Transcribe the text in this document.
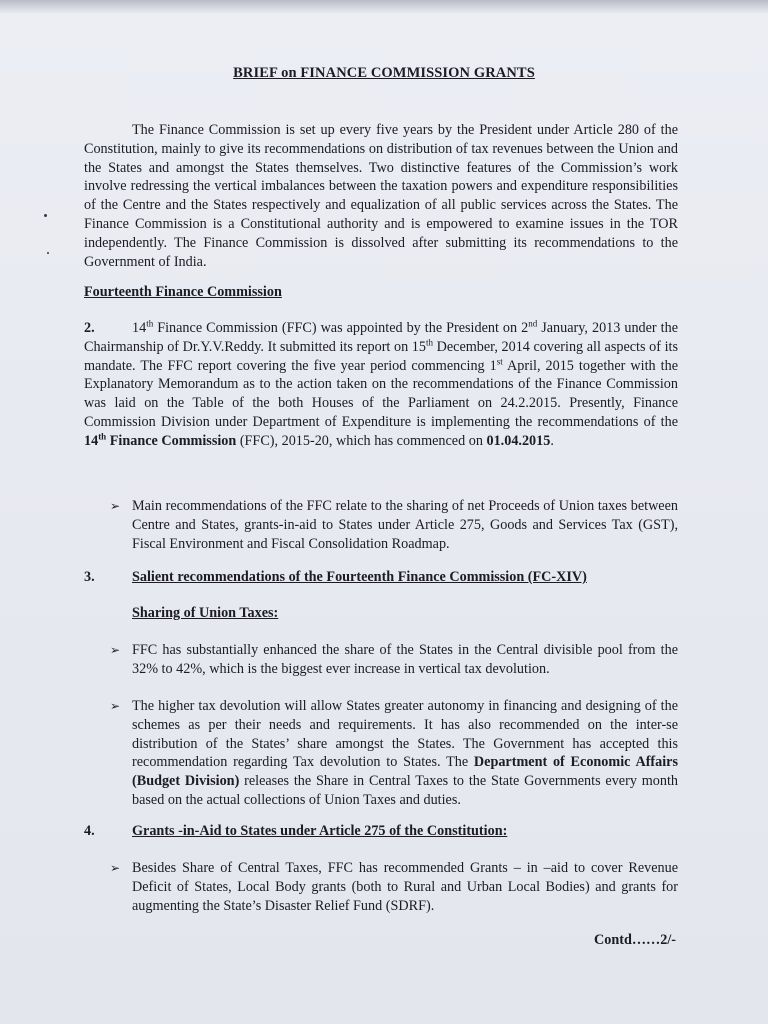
BRIEF on FINANCE COMMISSION GRANTS

The Finance Commission is set up every five years by the President under Article 280 of the Constitution, mainly to give its recommendations on distribution of tax revenues between the Union and the States and amongst the States themselves. Two distinctive features of the Commission’s work involve redressing the vertical imbalances between the taxation powers and expenditure responsibilities of the Centre and the States respectively and equalization of all public services across the States. The Finance Commission is a Constitutional authority and is empowered to examine issues in the TOR independently. The Finance Commission is dissolved after submitting its recommendations to the Government of India.

Fourteenth Finance Commission

2.	14th Finance Commission (FFC) was appointed by the President on 2nd January, 2013 under the Chairmanship of Dr.Y.V.Reddy. It submitted its report on 15th December, 2014 covering all aspects of its mandate. The FFC report covering the five year period commencing 1st April, 2015 together with the Explanatory Memorandum as to the action taken on the recommendations of the Finance Commission was laid on the Table of the both Houses of the Parliament on 24.2.2015. Presently, Finance Commission Division under Department of Expenditure is implementing the recommendations of the 14th Finance Commission (FFC), 2015-20, which has commenced on 01.04.2015.

➢ Main recommendations of the FFC relate to the sharing of net Proceeds of Union taxes between Centre and States, grants-in-aid to States under Article 275, Goods and Services Tax (GST), Fiscal Environment and Fiscal Consolidation Roadmap.
3.	Salient recommendations of the Fourteenth Finance Commission (FC-XIV)
Sharing of Union Taxes:
➢ FFC has substantially enhanced the share of the States in the Central divisible pool from the 32% to 42%, which is the biggest ever increase in vertical tax devolution.
➢ The higher tax devolution will allow States greater autonomy in financing and designing of the schemes as per their needs and requirements. It has also recommended on the inter-se distribution of the States’ share amongst the States. The Government has accepted this recommendation regarding Tax devolution to States. The Department of Economic Affairs (Budget Division) releases the Share in Central Taxes to the State Governments every month based on the actual collections of Union Taxes and duties.
4.	Grants -in-Aid to States under Article 275 of the Constitution:
➢ Besides Share of Central Taxes, FFC has recommended Grants – in –aid to cover Revenue Deficit of States, Local Body grants (both to Rural and Urban Local Bodies) and grants for augmenting the State’s Disaster Relief Fund (SDRF).
Contd……2/-
